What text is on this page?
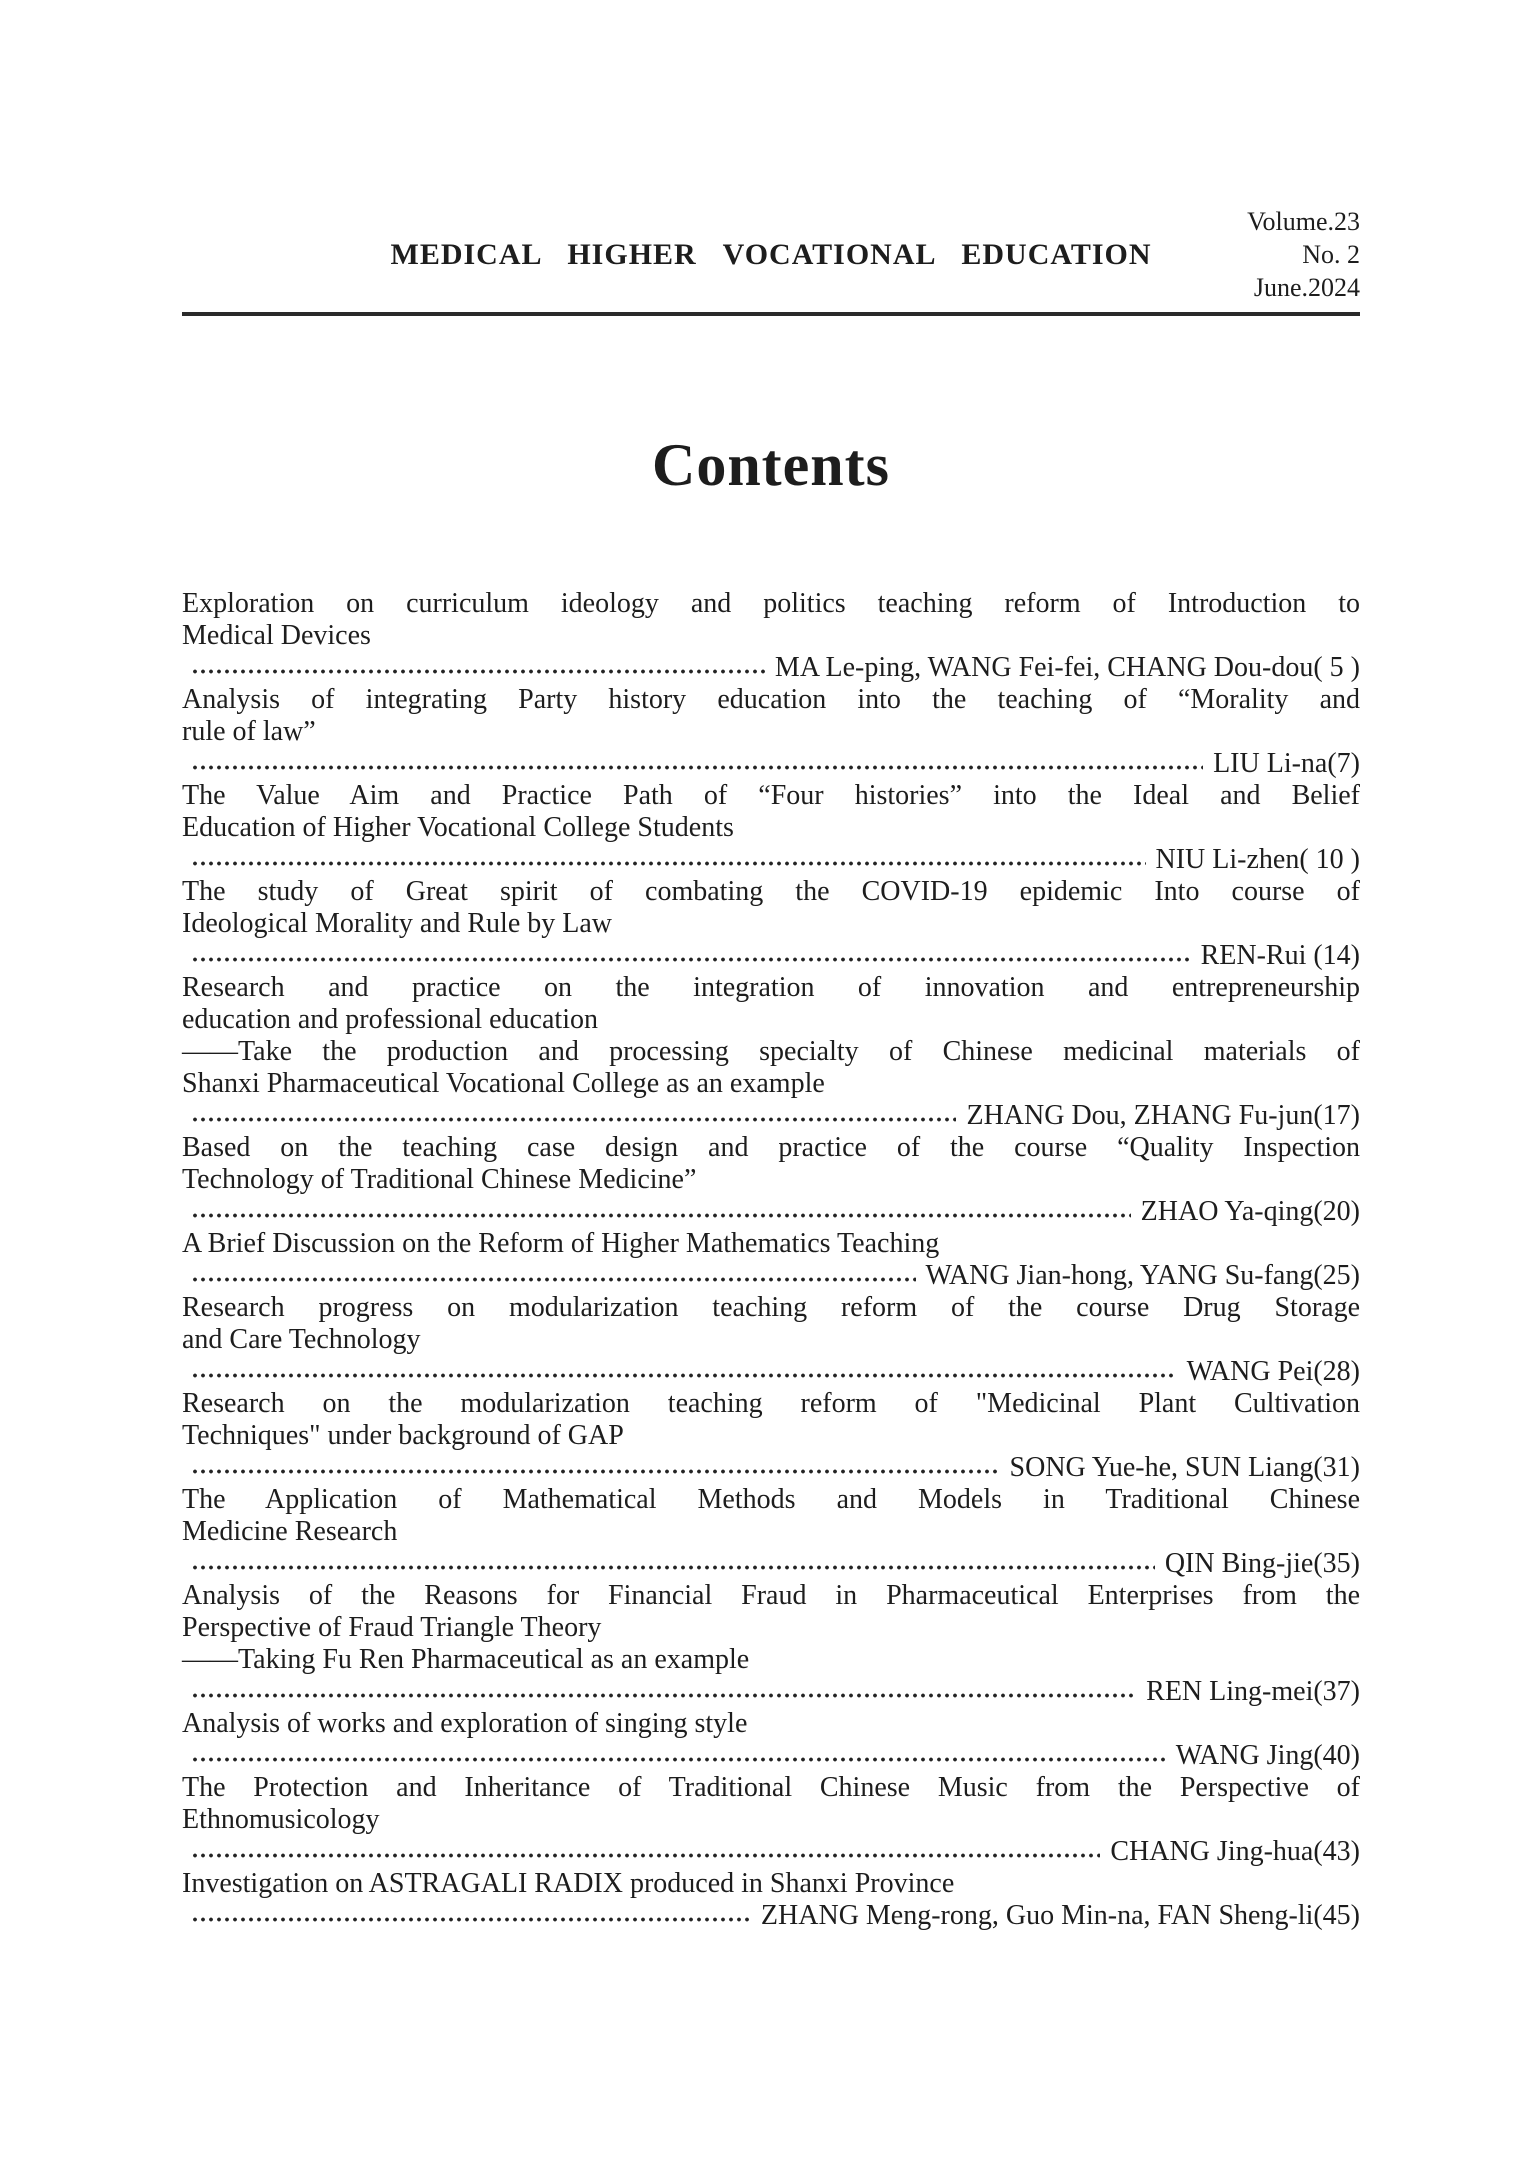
MEDICAL HIGHER VOCATIONAL EDUCATION
Volume.23
No. 2
June.2024
Contents
Exploration on curriculum ideology and politics teaching reform of Introduction to
Medical Devices
MA Le-ping, WANG Fei-fei, CHANG Dou-dou( 5 )
Analysis of integrating Party history education into the teaching of “Morality and
rule of law”
LIU Li-na(7)
The Value Aim and Practice Path of “Four histories” into the Ideal and Belief
Education of Higher Vocational College Students
NIU Li-zhen( 10 )
The study of Great spirit of combating the COVID-19 epidemic Into course of
Ideological Morality and Rule by Law
REN-Rui (14)
Research and practice on the integration of innovation and entrepreneurship
education and professional education
——Take the production and processing specialty of Chinese medicinal materials of
Shanxi Pharmaceutical Vocational College as an example
ZHANG Dou, ZHANG Fu-jun(17)
Based on the teaching case design and practice of the course “Quality Inspection
Technology of Traditional Chinese Medicine”
ZHAO Ya-qing(20)
A Brief Discussion on the Reform of Higher Mathematics Teaching
WANG Jian-hong, YANG Su-fang(25)
Research progress on modularization teaching reform of the course Drug Storage
and Care Technology
WANG Pei(28)
Research on the modularization teaching reform of "Medicinal Plant Cultivation
Techniques" under background of GAP
SONG Yue-he, SUN Liang(31)
The Application of Mathematical Methods and Models in Traditional Chinese
Medicine Research
QIN Bing-jie(35)
Analysis of the Reasons for Financial Fraud in Pharmaceutical Enterprises from the
Perspective of Fraud Triangle Theory
——Taking Fu Ren Pharmaceutical as an example
REN Ling-mei(37)
Analysis of works and exploration of singing style
WANG Jing(40)
The Protection and Inheritance of Traditional Chinese Music from the Perspective of
Ethnomusicology
CHANG Jing-hua(43)
Investigation on ASTRAGALI RADIX produced in Shanxi Province
ZHANG Meng-rong, Guo Min-na, FAN Sheng-li(45)
